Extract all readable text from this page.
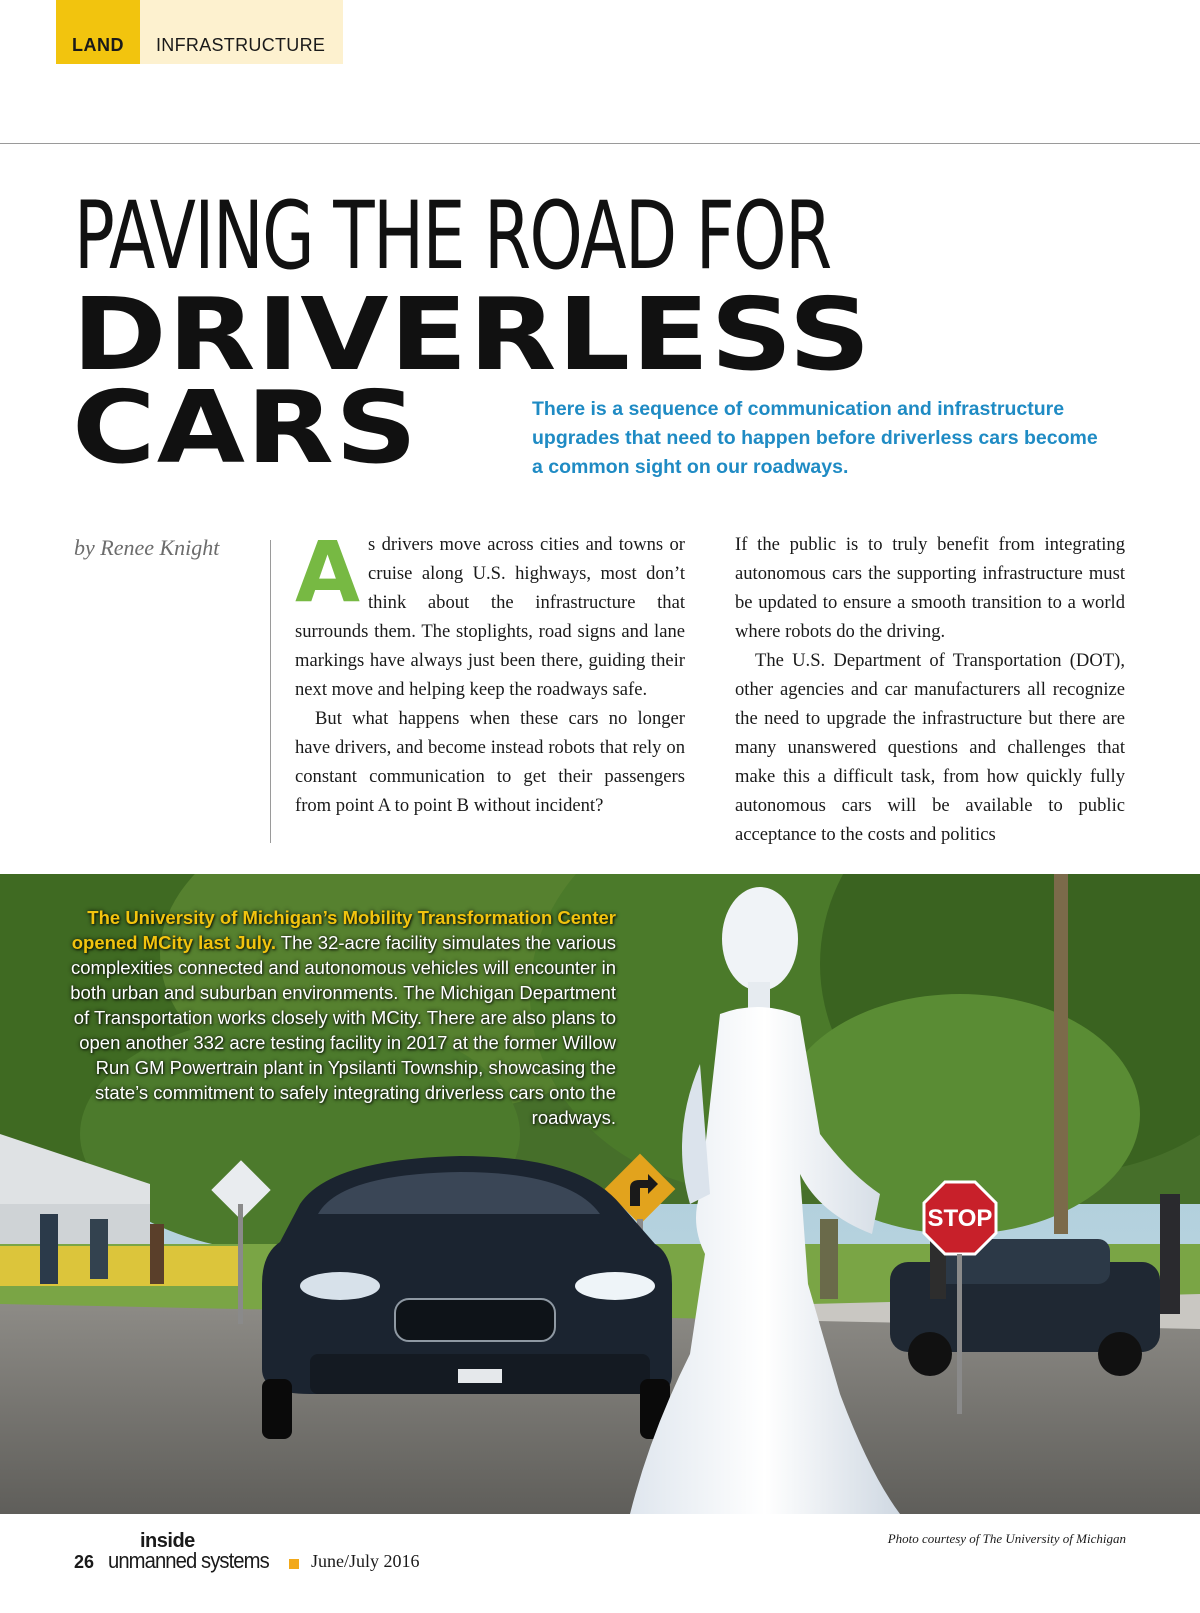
LAND	INFRASTRUCTURE
PAVING THE ROAD FOR
DRIVERLESS
CARS	There is a sequence of communication and infrastructure upgrades that need to happen before driverless cars become a common sight on our roadways.
by Renee Knight A s drivers move across cities and towns or cruise along U.S. highways, most don’t think about the infrastructure that surrounds them. The stoplights, road signs and lane markings have always just been there, guiding their next move and helping keep the roadways safe.

But what happens when these cars no longer have drivers, and become instead robots that rely on constant communication to get their passengers from point A to point B without incident?

If the public is to truly benefit from integrating autonomous cars the supporting infrastructure must be updated to ensure a smooth transition to a world where robots do the driving.

The U.S. Department of Transportation (DOT), other agencies and car manufacturers all recognize the need to upgrade the infrastructure but there are many unanswered questions and challenges that make this a difficult task, from how quickly fully autonomous cars will be available to public acceptance to the costs and politics

STOP
The University of Michigan’s Mobility Transformation Center opened MCity last July. The 32-acre facility simulates the various complexities connected and autonomous vehicles will encounter in both urban and suburban environments. The Michigan Department of Transportation works closely with MCity. There are also plans to open another 332 acre testing facility in 2017 at the former Willow Run GM Powertrain plant in Ypsilanti Township, showcasing the state’s commitment to safely integrating driverless cars onto the roadways.
Photo courtesy of The University of Michigan
26
inside
unmanned systems June/July 2016
